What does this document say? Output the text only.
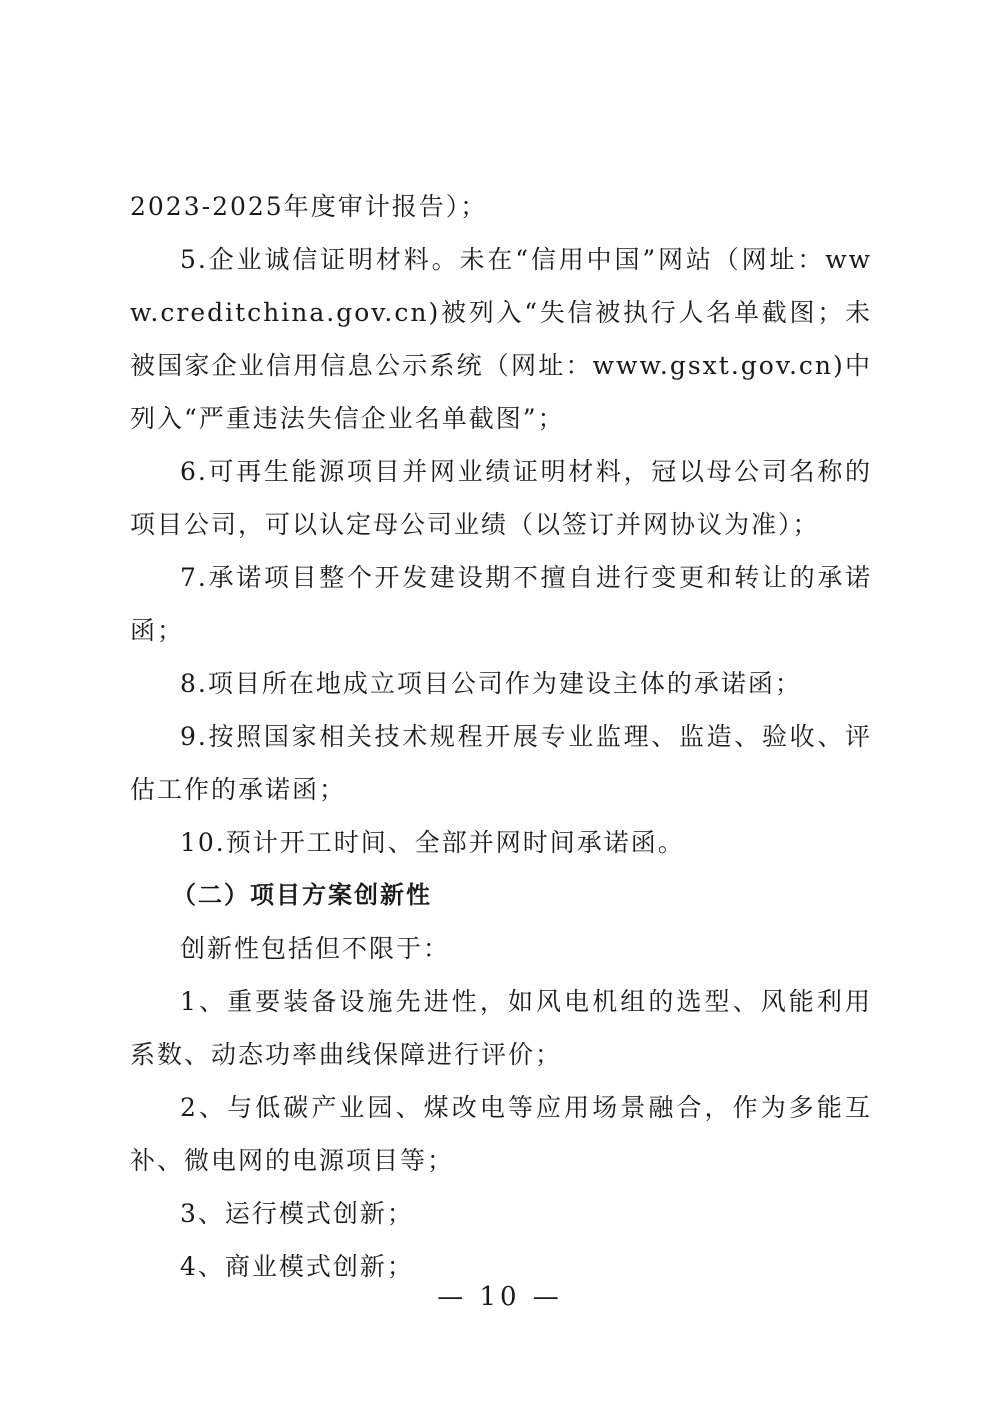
2023-2025年度审计报告）；

5.企业诚信证明材料。未在“信用中国”网站（网址：www.creditchina.gov.cn)被列入“失信被执行人名单截图；未被国家企业信用信息公示系统（网址：www.gsxt.gov.cn)中列入“严重违法失信企业名单截图”；

6.可再生能源项目并网业绩证明材料，冠以母公司名称的项目公司，可以认定母公司业绩（以签订并网协议为准）；

7.承诺项目整个开发建设期不擅自进行变更和转让的承诺函；

8.项目所在地成立项目公司作为建设主体的承诺函；

9.按照国家相关技术规程开展专业监理、监造、验收、评估工作的承诺函；

10.预计开工时间、全部并网时间承诺函。

（二）项目方案创新性

创新性包括但不限于：

1、重要装备设施先进性，如风电机组的选型、风能利用系数、动态功率曲线保障进行评价；

2、与低碳产业园、煤改电等应用场景融合，作为多能互补、微电网的电源项目等；

3、运行模式创新；

4、商业模式创新；

— 10 —
